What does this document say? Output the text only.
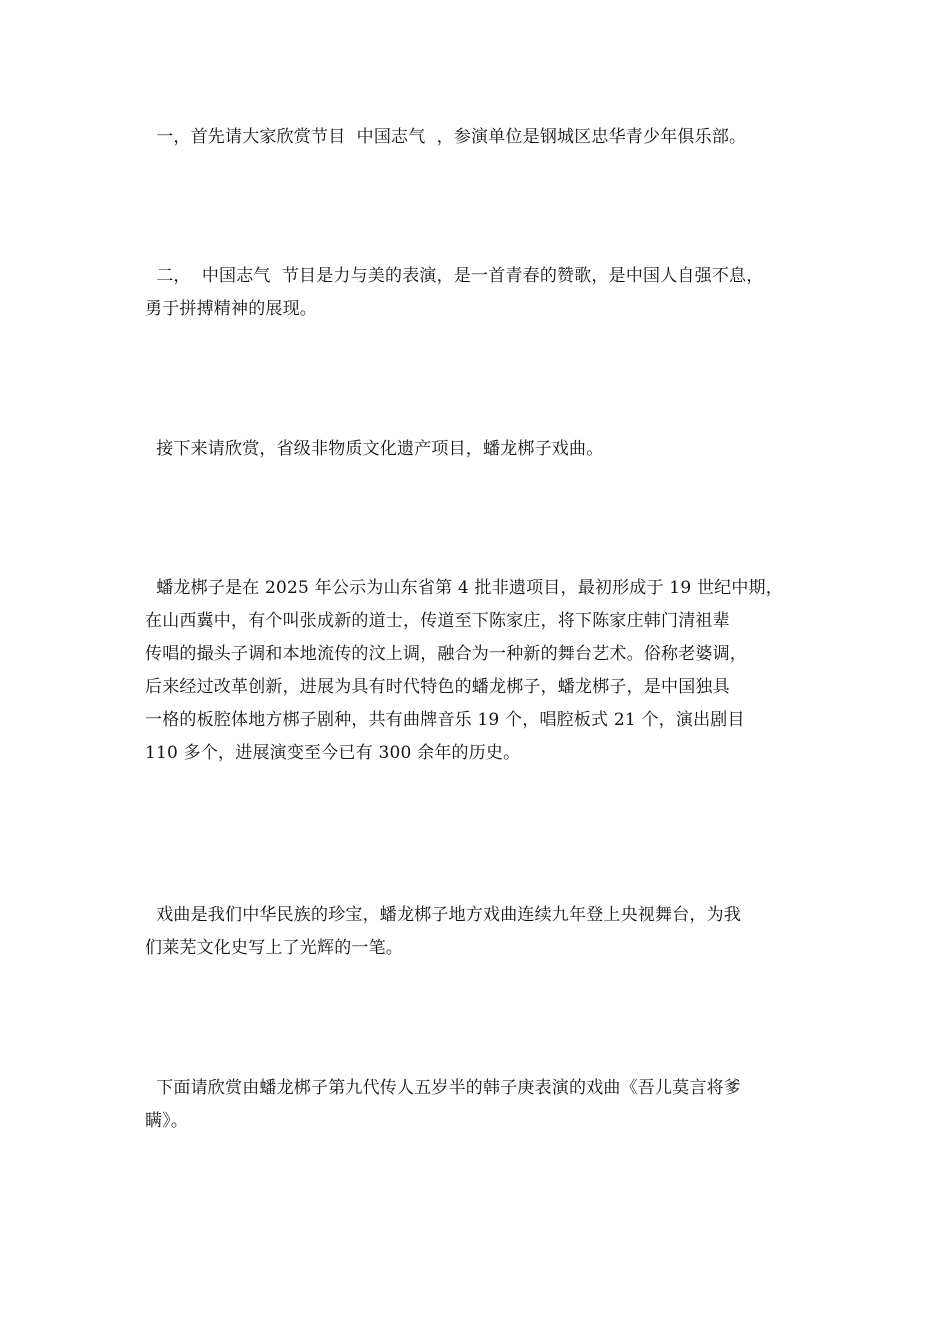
一，首先请大家欣赏节目  中国志气  ，参演单位是钢城区忠华青少年俱乐部。

二，  中国志气  节目是力与美的表演，是一首青春的赞歌，是中国人自强不息，
勇于拼搏精神的展现。

接下来请欣赏，省级非物质文化遗产项目，蟠龙梆子戏曲。

蟠龙梆子是在 2025 年公示为山东省第 4 批非遗项目，最初形成于 19 世纪中期，
在山西冀中，有个叫张成新的道士，传道至下陈家庄，将下陈家庄韩门清祖辈
传唱的撮头子调和本地流传的汶上调，融合为一种新的舞台艺术。俗称老婆调，
后来经过改革创新，进展为具有时代特色的蟠龙梆子，蟠龙梆子，是中国独具
一格的板腔体地方梆子剧种，共有曲牌音乐 19 个，唱腔板式 21 个，演出剧目
110 多个，进展演变至今已有 300 余年的历史。

戏曲是我们中华民族的珍宝，蟠龙梆子地方戏曲连续九年登上央视舞台，为我
们莱芜文化史写上了光辉的一笔。

下面请欣赏由蟠龙梆子第九代传人五岁半的韩子庚表演的戏曲《吾儿莫言将爹
瞒》。
